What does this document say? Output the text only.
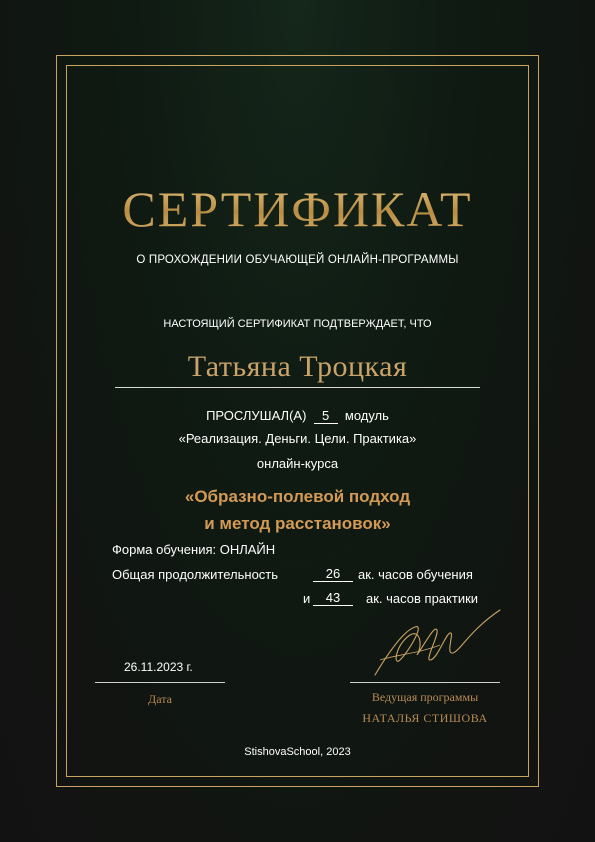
СЕРТИФИКАТ
О ПРОХОЖДЕНИИ ОБУЧАЮЩЕЙ ОНЛАЙН-ПРОГРАММЫ
НАСТОЯЩИЙ СЕРТИФИКАТ ПОДТВЕРЖДАЕТ, ЧТО
Татьяна Троцкая
ПРОСЛУШАЛ(А) 5 модуль
«Реализация. Деньги. Цели. Практика»
онлайн-курса
«Образно-полевой подход
и метод расстановок»
Форма обучения: ОНЛАЙН
Общая продолжительность	26	ак. часов обучения
и	43	ак. часов практики
26.11.2023 г.
Дата	Ведущая программы
НАТАЛЬЯ СТИШОВА
StishovaSchool, 2023
